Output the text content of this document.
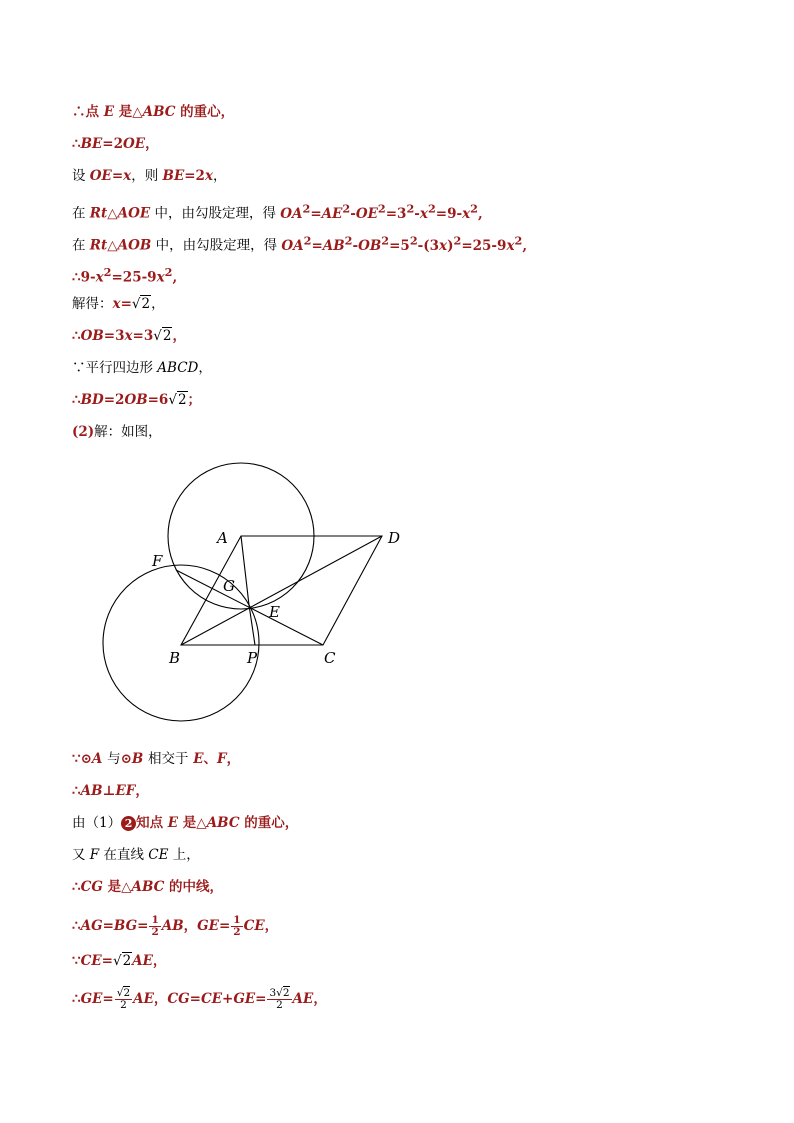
∴点 E 是△ABC 的重心，
∴BE=2OE，
设 OE=x，则 BE=2x，
在 Rt△AOE 中，由勾股定理，得 $OA^2=AE^2-OE^2=3^2-x^2=9-x^2$,
在 Rt△AOB 中，由勾股定理，得 $OA^2=AB^2-OB^2=5^2-(3x)^2=25-9x^2$,
$\therefore 9-x^2=25-9x^2$,
解得：x=√2，
∴OB=3x=3√2，
∵平行四边形 ABCD，
∴BD=2OB=6√2；
(2)解：如图，
A	D
F
G
E
B	P	C
∵⊙A 与⊙B 相交于 E、F，
∴AB⊥EF，
由（1） 2 知点 E 是△ABC 的重心，
又 F 在直线 CE 上，
∴CG 是△ABC 的中线，
∴AG=BG= $\frac{1}{2}$ AB，$GE= \frac{1}{2}$ CE，
∵CE=√2AE，
∴GE= $\frac{√2}{2}$ AE，$CG=CE+GE= \frac{3√2}{2}$ AE，
